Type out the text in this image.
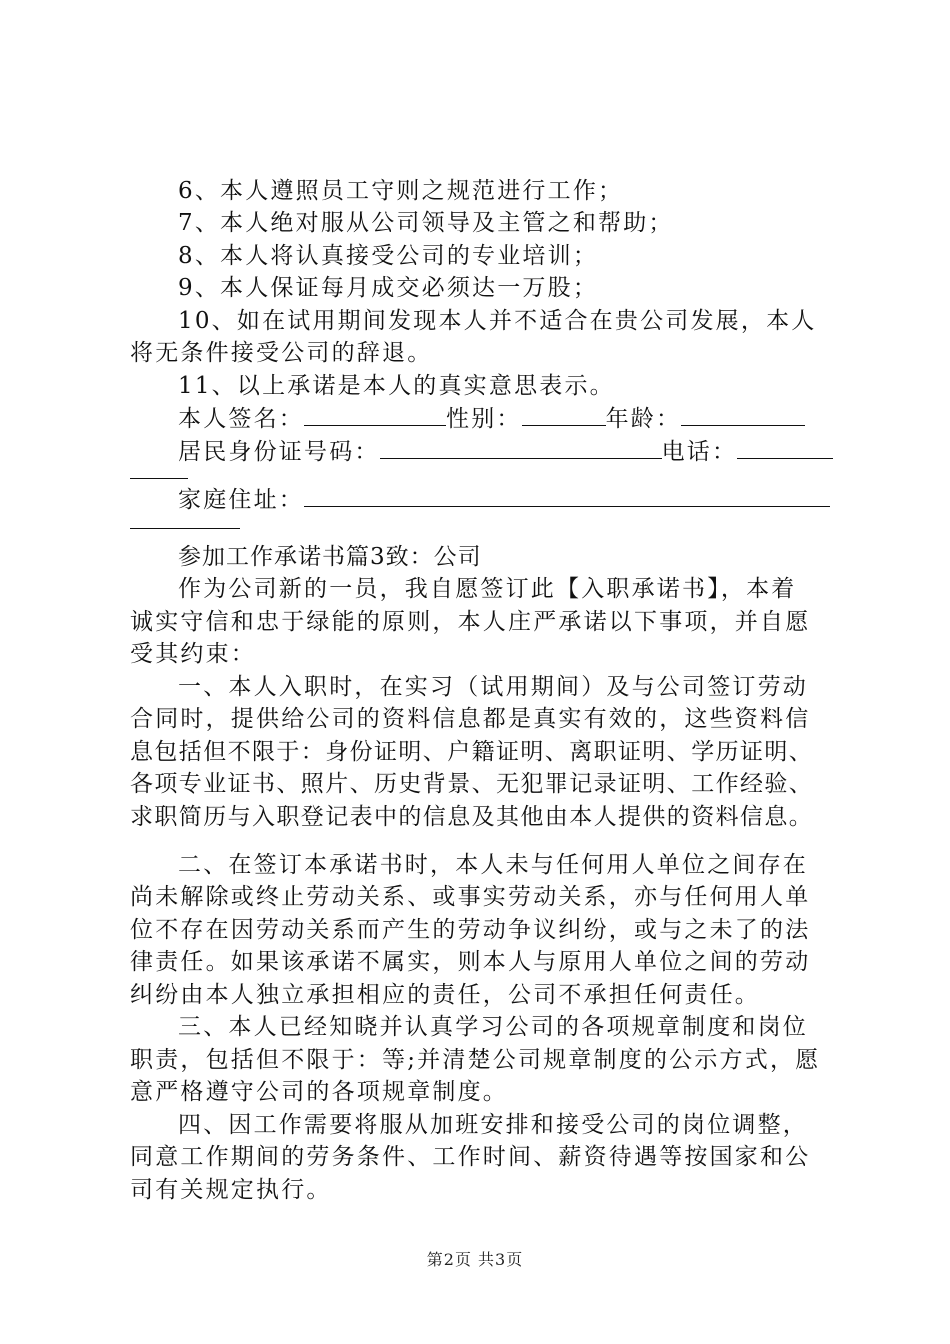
6、本人遵照员工守则之规范进行工作；
7、本人绝对服从公司领导及主管之和帮助；
8、本人将认真接受公司的专业培训；
9、本人保证每月成交必须达一万股；
10、如在试用期间发现本人并不适合在贵公司发展，本人
将无条件接受公司的辞退。
11、以上承诺是本人的真实意思表示。
本人签名：	性别：	年龄：
居民身份证号码：	电话：
家庭住址：
参加工作承诺书篇3致：公司
作为公司新的一员，我自愿签订此【入职承诺书】，本着
诚实守信和忠于绿能的原则，本人庄严承诺以下事项，并自愿
受其约束：
一、本人入职时，在实习（试用期间）及与公司签订劳动
合同时，提供给公司的资料信息都是真实有效的，这些资料信
息包括但不限于：身份证明、户籍证明、离职证明、学历证明、
各项专业证书、照片、历史背景、无犯罪记录证明、工作经验、
求职简历与入职登记表中的信息及其他由本人提供的资料信息。
二、在签订本承诺书时，本人未与任何用人单位之间存在
尚未解除或终止劳动关系、或事实劳动关系，亦与任何用人单
位不存在因劳动关系而产生的劳动争议纠纷，或与之未了的法
律责任。如果该承诺不属实，则本人与原用人单位之间的劳动
纠纷由本人独立承担相应的责任，公司不承担任何责任。
三、本人已经知晓并认真学习公司的各项规章制度和岗位
职责，包括但不限于：等;并清楚公司规章制度的公示方式，愿
意严格遵守公司的各项规章制度。
四、因工作需要将服从加班安排和接受公司的岗位调整，
同意工作期间的劳务条件、工作时间、薪资待遇等按国家和公
司有关规定执行。
第2页 共3页
